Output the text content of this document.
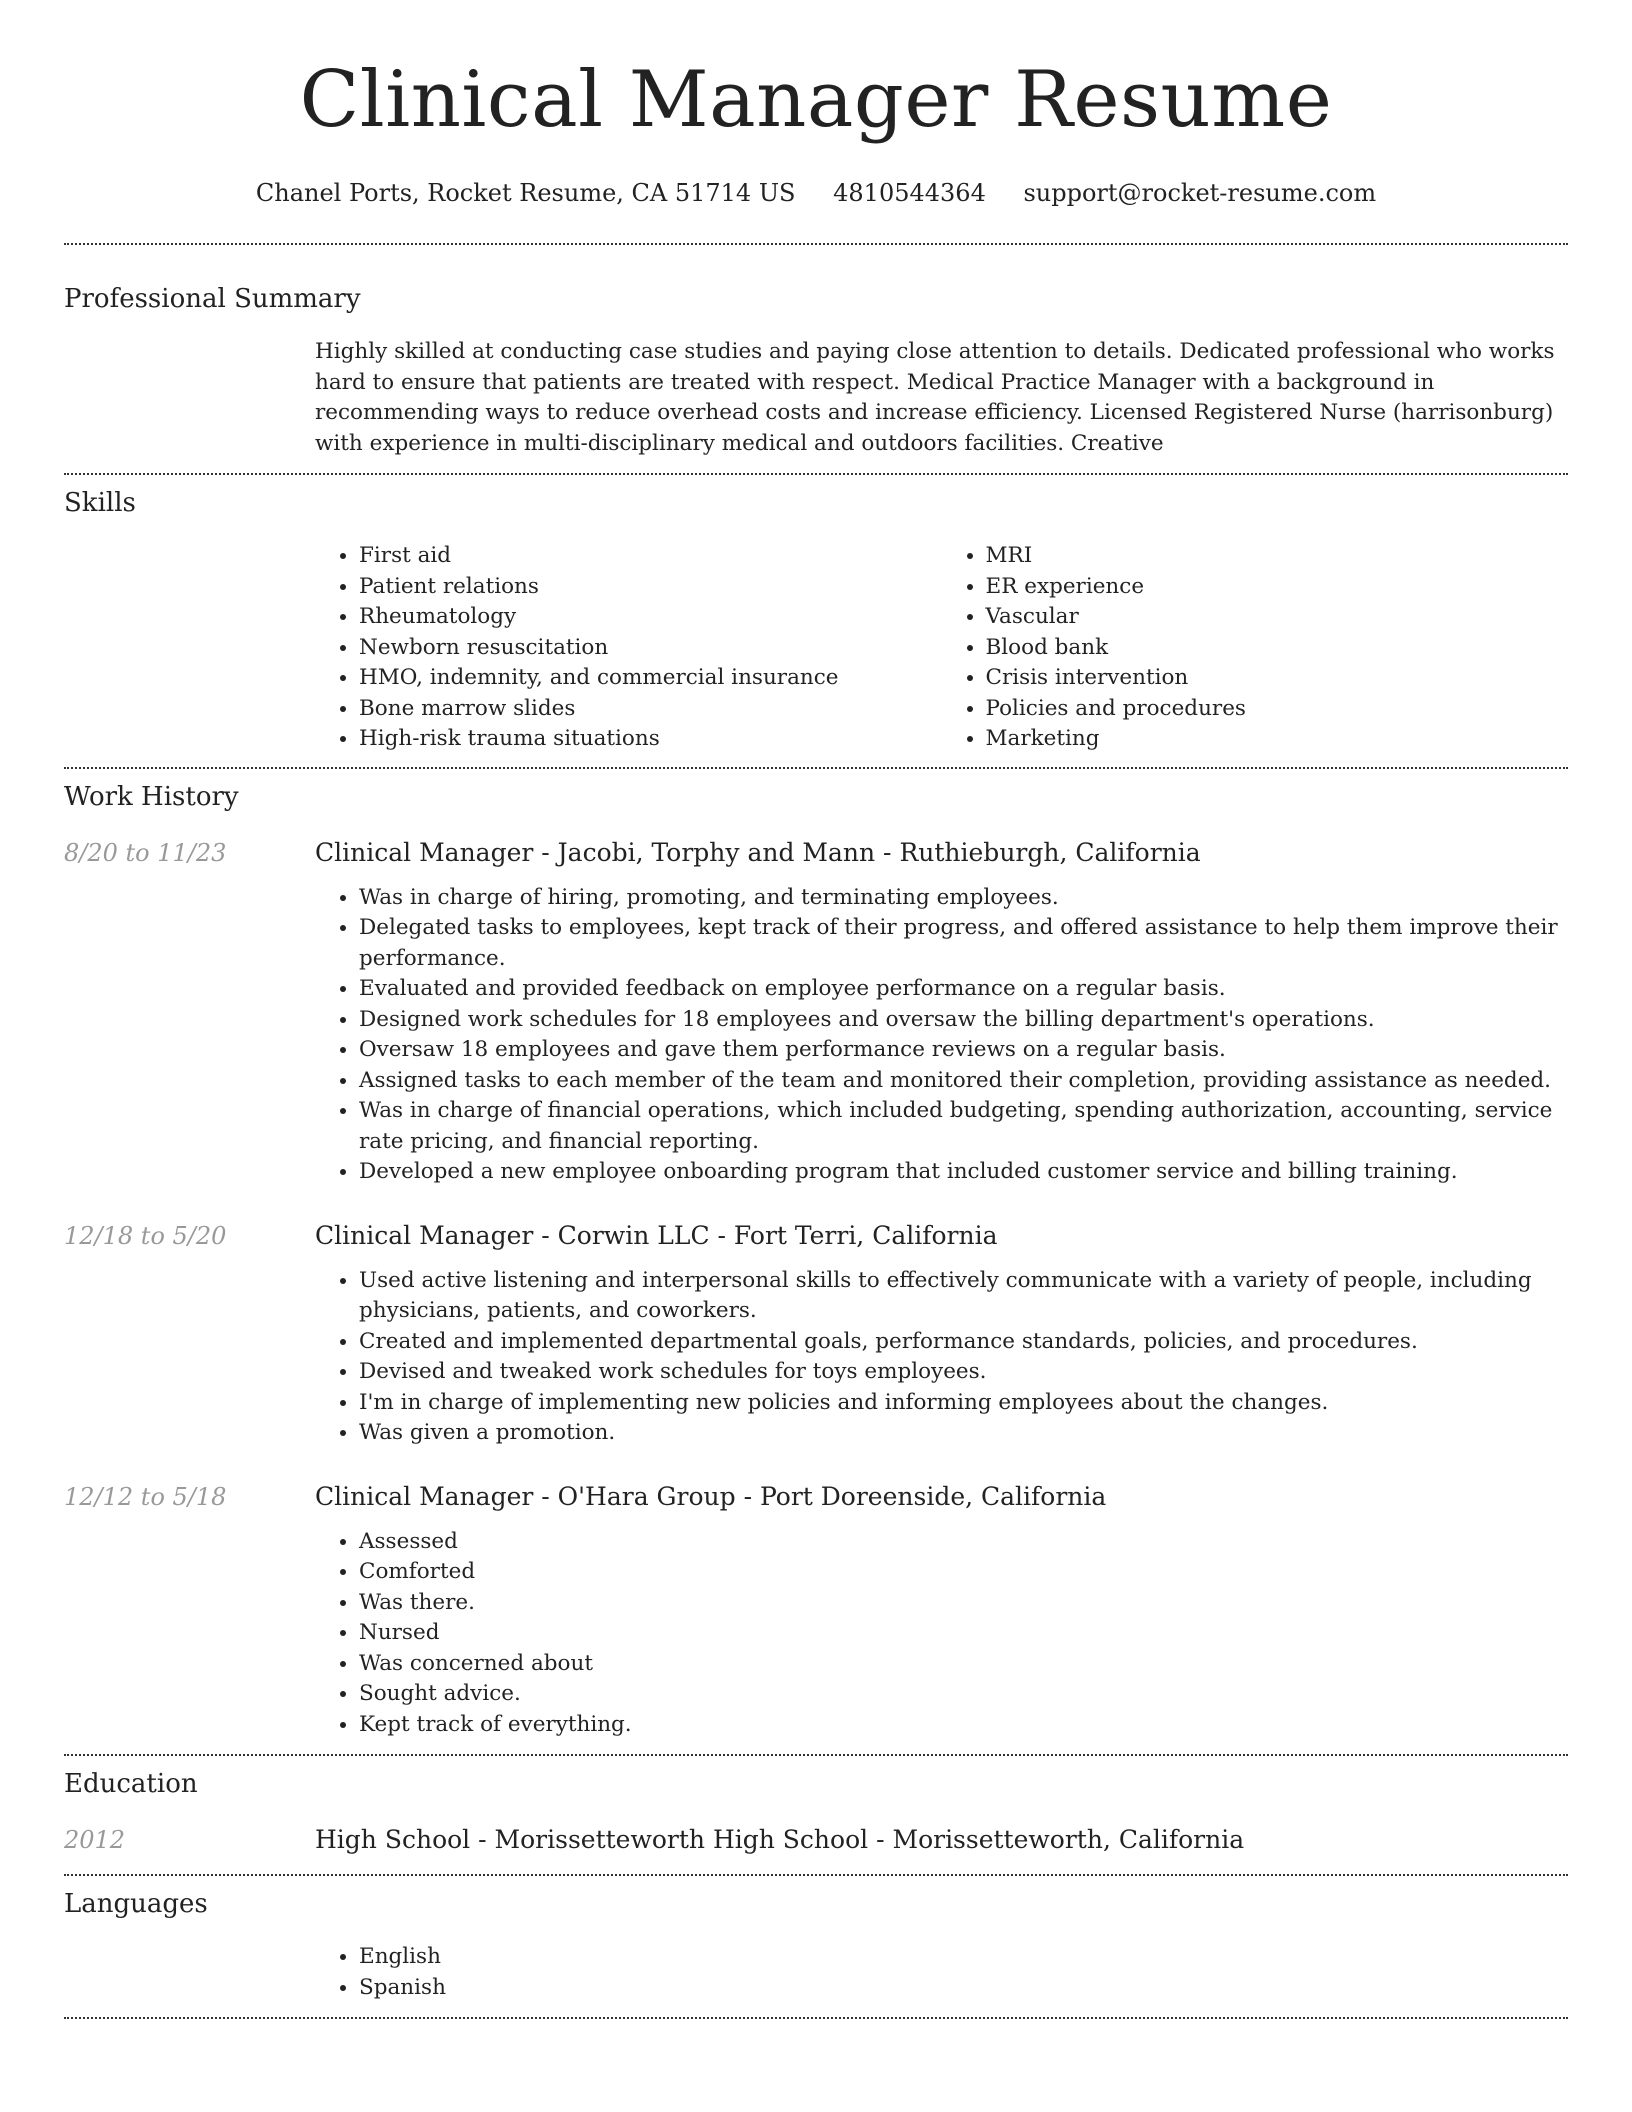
Clinical Manager Resume
Chanel Ports, Rocket Resume, CA 51714 US 4810544364 support@rocket-resume.com
Professional Summary
Highly skilled at conducting case studies and paying close attention to details. Dedicated professional who works hard to ensure that patients are treated with respect. Medical Practice Manager with a background in recommending ways to reduce overhead costs and increase efficiency. Licensed Registered Nurse (harrisonburg) with experience in multi-disciplinary medical and outdoors facilities. Creative
Skills
• First aid
• Patient relations
• Rheumatology
• Newborn resuscitation
• HMO, indemnity, and commercial insurance
• Bone marrow slides
• High-risk trauma situations
• MRI
• ER experience
• Vascular
• Blood bank
• Crisis intervention
• Policies and procedures
• Marketing
Work History
8/20 to 11/23	Clinical Manager - Jacobi, Torphy and Mann - Ruthieburgh, California
• Was in charge of hiring, promoting, and terminating employees.
• Delegated tasks to employees, kept track of their progress, and offered assistance to help them improve their performance.
• Evaluated and provided feedback on employee performance on a regular basis.
• Designed work schedules for 18 employees and oversaw the billing department's operations.
• Oversaw 18 employees and gave them performance reviews on a regular basis.
• Assigned tasks to each member of the team and monitored their completion, providing assistance as needed.
• Was in charge of financial operations, which included budgeting, spending authorization, accounting, service rate pricing, and financial reporting.
• Developed a new employee onboarding program that included customer service and billing training.
12/18 to 5/20	Clinical Manager - Corwin LLC - Fort Terri, California
• Used active listening and interpersonal skills to effectively communicate with a variety of people, including physicians, patients, and coworkers.
• Created and implemented departmental goals, performance standards, policies, and procedures.
• Devised and tweaked work schedules for toys employees.
• I'm in charge of implementing new policies and informing employees about the changes.
• Was given a promotion.
12/12 to 5/18	Clinical Manager - O'Hara Group - Port Doreenside, California
• Assessed
• Comforted
• Was there.
• Nursed
• Was concerned about
• Sought advice.
• Kept track of everything.
Education
2012	High School - Morissetteworth High School - Morissetteworth, California
Languages
• English
• Spanish
